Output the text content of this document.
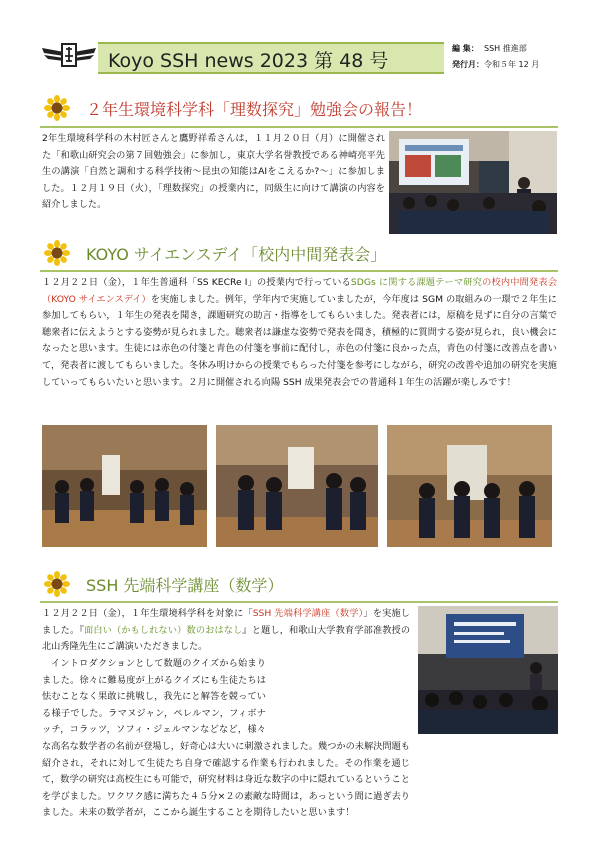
Koyo SSH news 2023 第 48 号
編 集： SSH 推進部
発行月：令和５年 12 月
２年生環境科学科「理数探究」勉強会の報告！
2年生環境科学科の木村匠さんと鷹野祥希さんは，１１月２０日（月）に開催された「和歌山研究会の第７回勉強会」に参加し，東京大学名誉教授である神崎亮平先生の講演「自然と調和する科学技術〜昆虫の知能はAIをこえるか?〜」に参加しました。１２月１９日（火），「理数探究」の授業内に，同級生に向けて講演の内容を紹介しました。
KOYO サイエンスデイ「校内中間発表会」
１２月２２日（金），１年生普通科「SS KECRe I」の授業内で行っているSDGs に関する課題テーマ研究の校内中間発表会（KOYO サイエンスデイ）を実施しました。例年，学年内で実施していましたが，今年度は SGM の取組みの一環で２年生に参加してもらい，１年生の発表を聞き，課題研究の助言・指導をしてもらいました。発表者には，原稿を見ずに自分の言葉で聴衆者に伝えようとする姿勢が見られました。聴衆者は謙虚な姿勢で発表を聞き，積極的に質問する姿が見られ，良い機会になったと思います。生徒には赤色の付箋と青色の付箋を事前に配付し，赤色の付箋に良かった点，青色の付箋に改善点を書いて，発表者に渡してもらいました。冬休み明けからの授業でもらった付箋を参考にしながら，研究の改善や追加の研究を実施していってもらいたいと思います。２月に開催される向陽 SSH 成果発表会での普通科１年生の活躍が楽しみです！
SSH 先端科学講座（数学）
１２月２２日（金），１年生環境科学科を対象に「SSH 先端科学講座（数学）」を実施しました。『面白い（かもしれない）数のおはなし』と題し，和歌山大学教育学部准教授の北山秀隆先生にご講演いただきました。
イントロダクションとして数題のクイズから始まりました。徐々に難易度が上がるクイズにも生徒たちは怯むことなく果敢に挑戦し，我先にと解答を競っている様子でした。ラマヌジャン，ペレルマン，フィボナッチ，コラッツ，ソフィ・ジェルマンなどなど，様々な高名な数学者の名前が登場し，好奇心は大いに刺激されました。幾つかの未解決問題も紹介され，それに対して生徒たち自身で確認する作業も行われました。その作業を通じて，数学の研究は高校生にも可能で，研究材料は身近な数字の中に隠れているということを学びました。ワクワク感に満ちた４５分×２の素敵な時間は，あっという間に過ぎ去りました。未来の数学者が，ここから誕生することを期待したいと思います！
